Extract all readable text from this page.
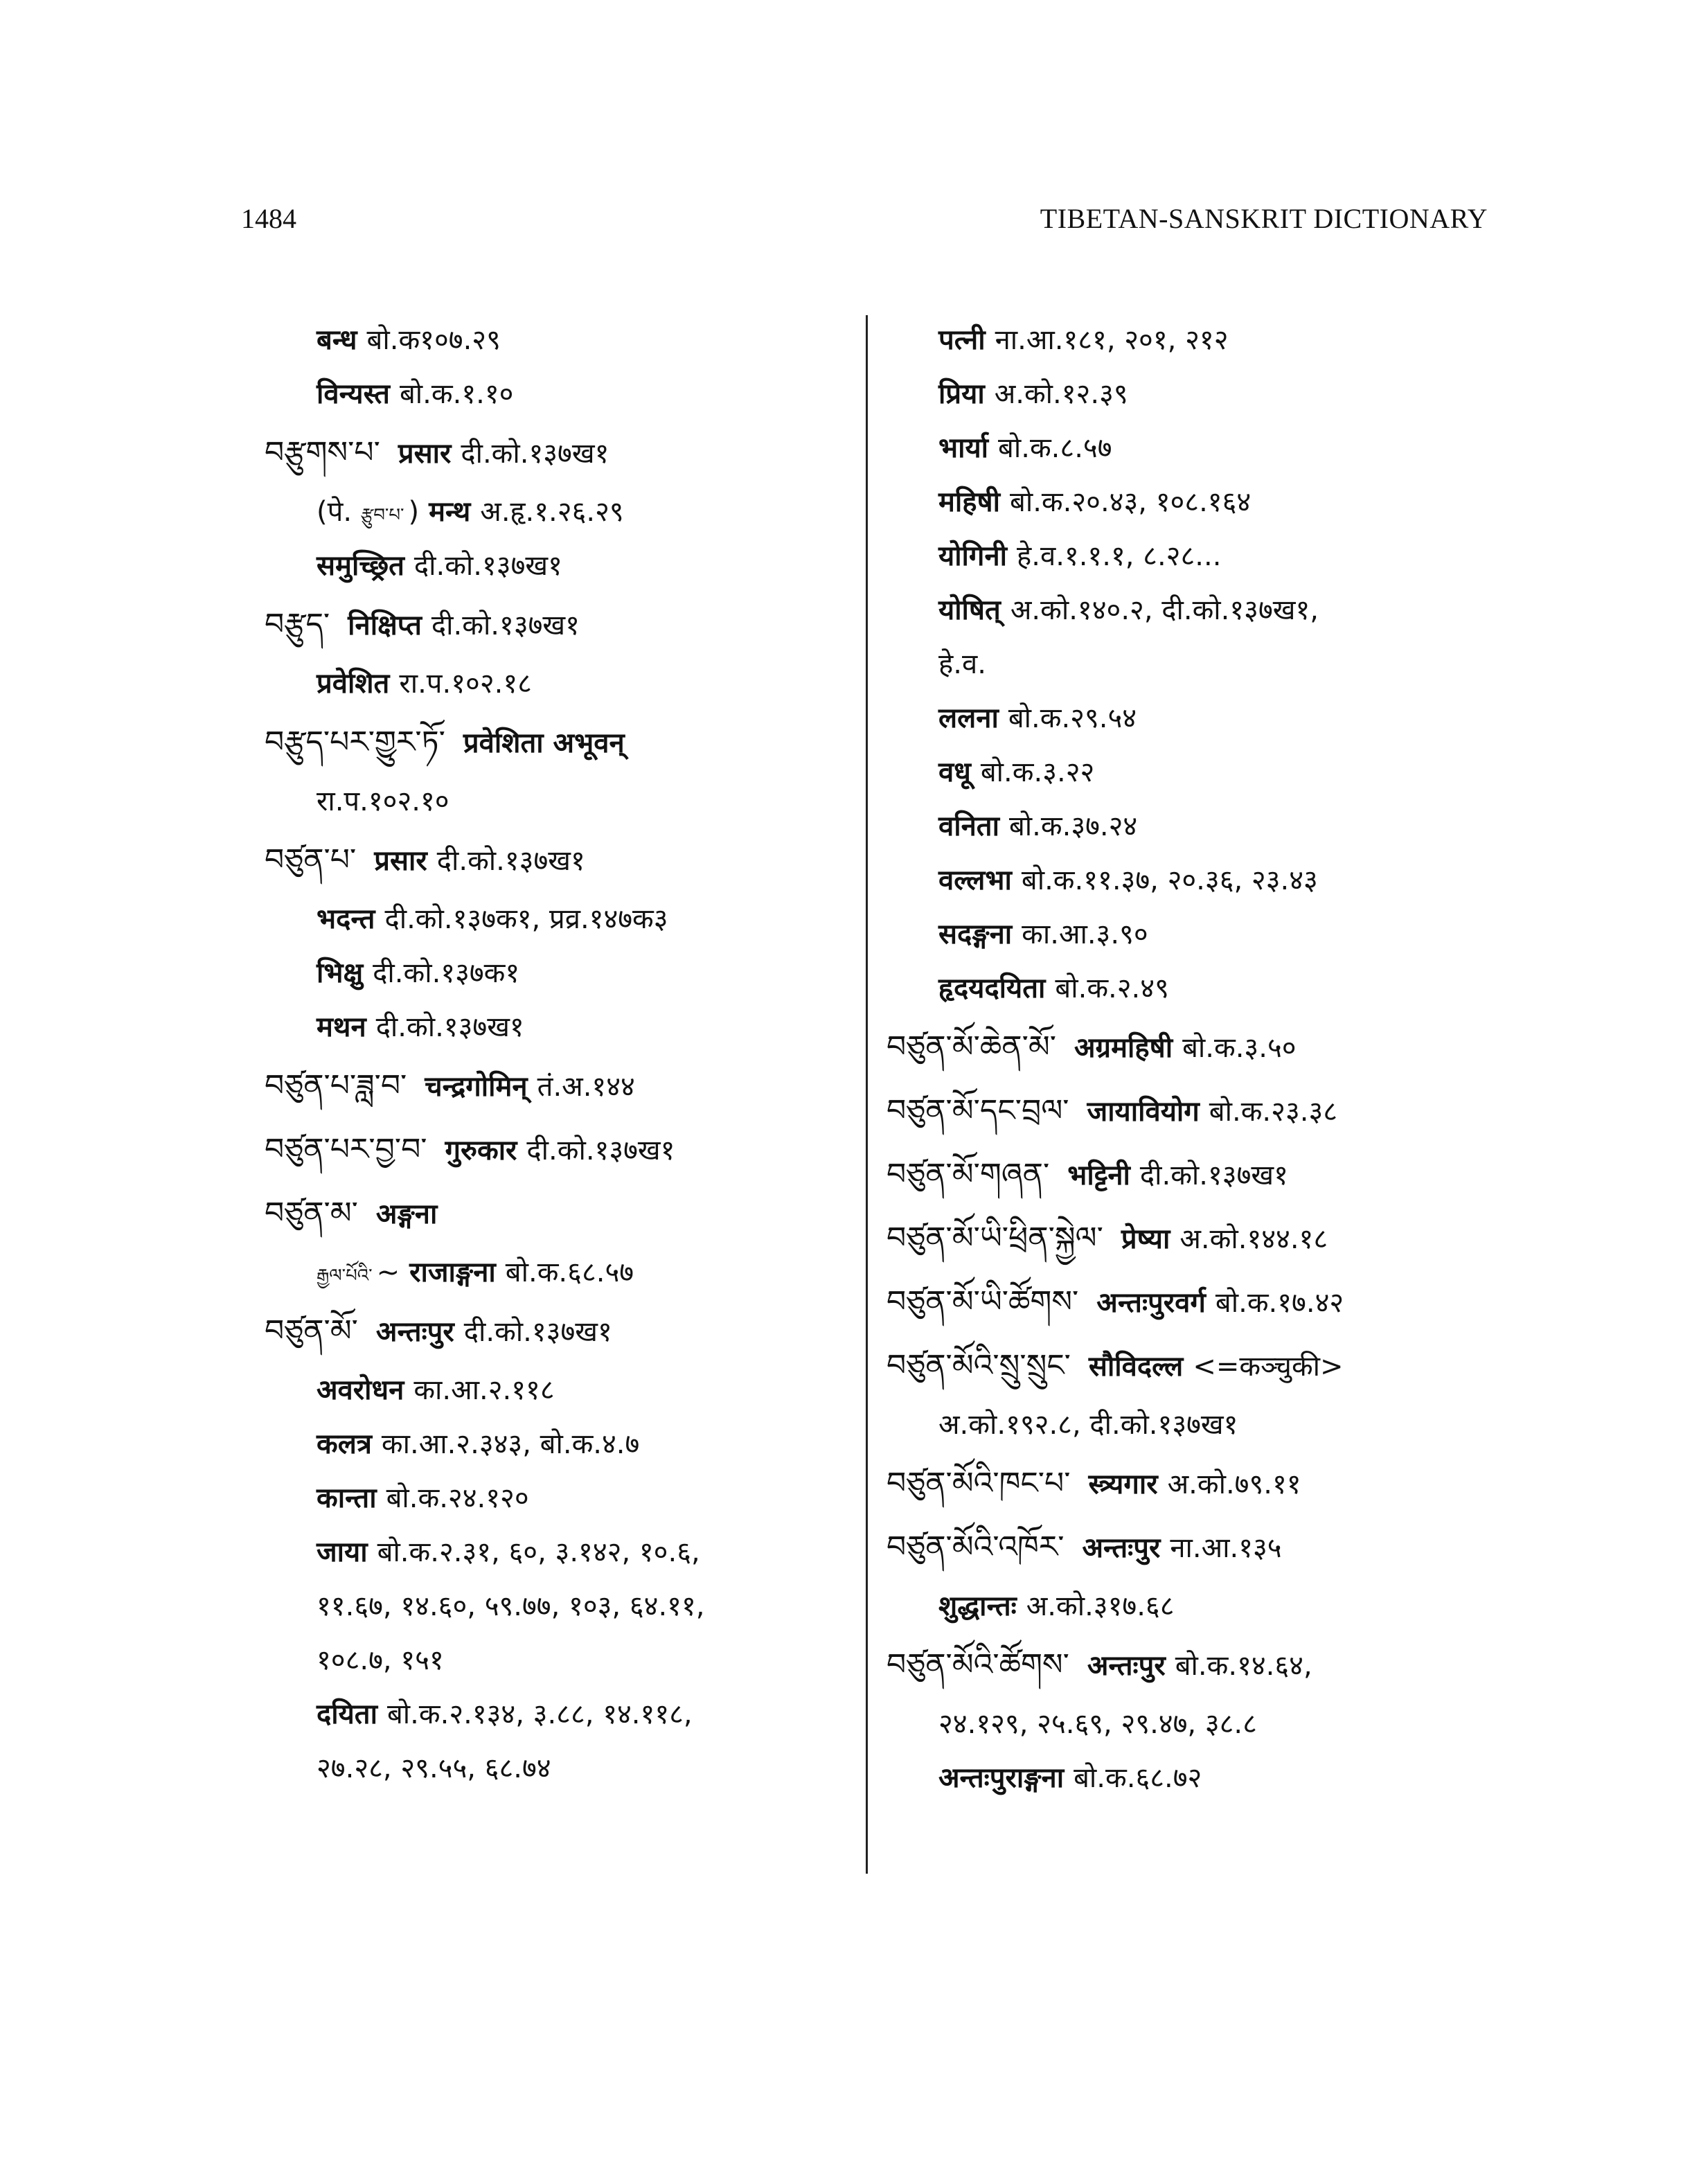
1484	TIBETAN-SANSKRIT DICTIONARY
बन्ध बो.क१०७.२९
विन्यस्त बो.क.१.१०
བརྩུགས་པ་ प्रसार दी.को.१३७ख१
(पे. རྩུབ་པ་ ) मन्थ अ.हृ.१.२६.२९
समुच्छ्रित दी.को.१३७ख१
བརྩུད་ निक्षिप्त दी.को.१३७ख१
प्रवेशित रा.प.१०२.१८
བརྩུད་པར་གྱུར་ཏོ་ प्रवेशिता अभूवन्
रा.प.१०२.१०
བཙུན་པ་ प्रसार दी.को.१३७ख१
भदन्त दी.को.१३७क१, प्रव्र.१४७क३
भिक्षु दी.को.१३७क१
मथन दी.को.१३७ख१
བཙུན་པ་ཟླ་བ་ चन्द्रगोमिन् तं.अ.१४४
བཙུན་པར་བྱ་བ་ गुरुकार दी.को.१३७ख१
བཙུན་མ་ अङ्गना
རྒྱལ་པོའི་ ~ राजाङ्गना बो.क.६८.५७
བཙུན་མོ་ अन्तःपुर दी.को.१३७ख१
अवरोधन का.आ.२.११८
कलत्र का.आ.२.३४३, बो.क.४.७
कान्ता बो.क.२४.१२०
जाया बो.क.२.३१, ६०, ३.१४२, १०.६,
११.६७, १४.६०, ५९.७७, १०३, ६४.११,
१०८.७, १५१
दयिता बो.क.२.१३४, ३.८८, १४.११८,
२७.२८, २९.५५, ६८.७४
पत्नी ना.आ.१८१, २०१, २१२
प्रिया अ.को.१२.३९
भार्या बो.क.८.५७
महिषी बो.क.२०.४३, १०८.१६४
योगिनी हे.व.१.१.१, ८.२८...
योषित् अ.को.१४०.२, दी.को.१३७ख१,
हे.व.
ललना बो.क.२९.५४
वधू बो.क.३.२२
वनिता बो.क.३७.२४
वल्लभा बो.क.११.३७, २०.३६, २३.४३
सदङ्गना का.आ.३.९०
हृदयदयिता बो.क.२.४९
བཙུན་མོ་ཆེན་མོ་ अग्रमहिषी बो.क.३.५०
བཙུན་མོ་དང་བྲལ་ जायावियोग बो.क.२३.३८
བཙུན་མོ་གཞན་ भट्टिनी दी.को.१३७ख१
བཙུན་མོ་ཡི་ཕྲིན་སྐྱེལ་ प्रेष्या अ.को.१४४.१८
བཙུན་མོ་ཡི་ཚོགས་ अन्तःपुरवर्ग बो.क.१७.४२
བཙུན་མོའི་སྲུ་སྲུང་ सौविदल्ल <=कञ्चुकी>
अ.को.१९२.८, दी.को.१३७ख१
བཙུན་མོའི་ཁང་པ་ स्त्र्यगार अ.को.७९.११
བཙུན་མོའི་འཁོར་ अन्तःपुर ना.आ.१३५
शुद्धान्तः अ.को.३१७.६८
བཙུན་མོའི་ཚོགས་ अन्तःपुर बो.क.१४.६४,
२४.१२९, २५.६९, २९.४७, ३८.८
अन्तःपुराङ्गना बो.क.६८.७२
